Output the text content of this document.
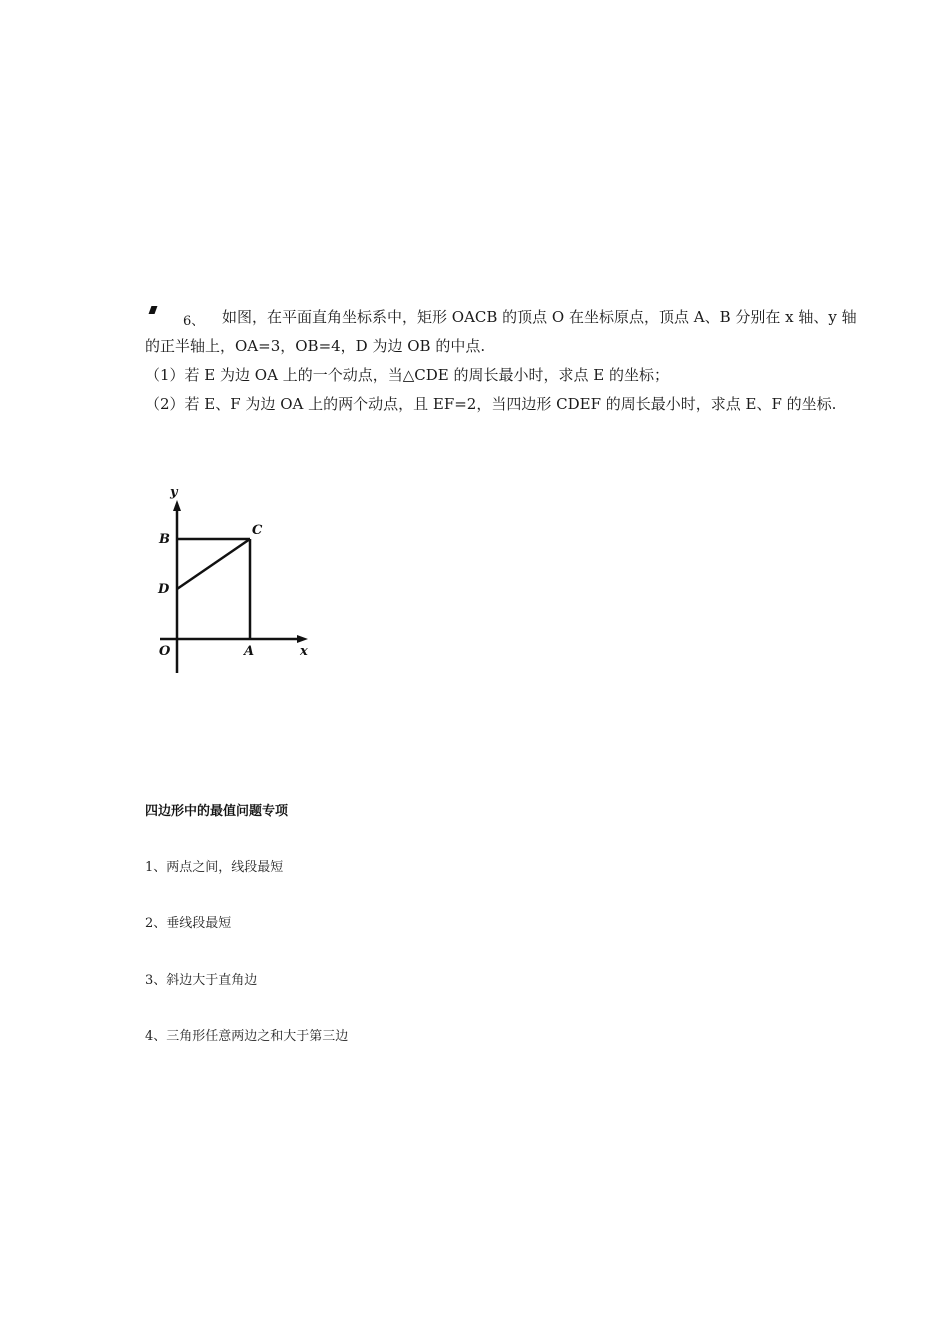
6、 如图，在平面直角坐标系中，矩形 OACB 的顶点 O 在坐标原点，顶点 A、B 分别在 x 轴、y 轴
的正半轴上，OA=3，OB=4，D 为边 OB 的中点.
（1）若 E 为边 OA 上的一个动点，当△CDE 的周长最小时，求点 E 的坐标；
（2）若 E、F 为边 OA 上的两个动点，且 EF=2，当四边形 CDEF 的周长最小时，求点 E、F 的坐标.
y
B
C
D
O	A	x
四边形中的最值问题专项
1、两点之间，线段最短
2、垂线段最短
3、斜边大于直角边
4、三角形任意两边之和大于第三边
